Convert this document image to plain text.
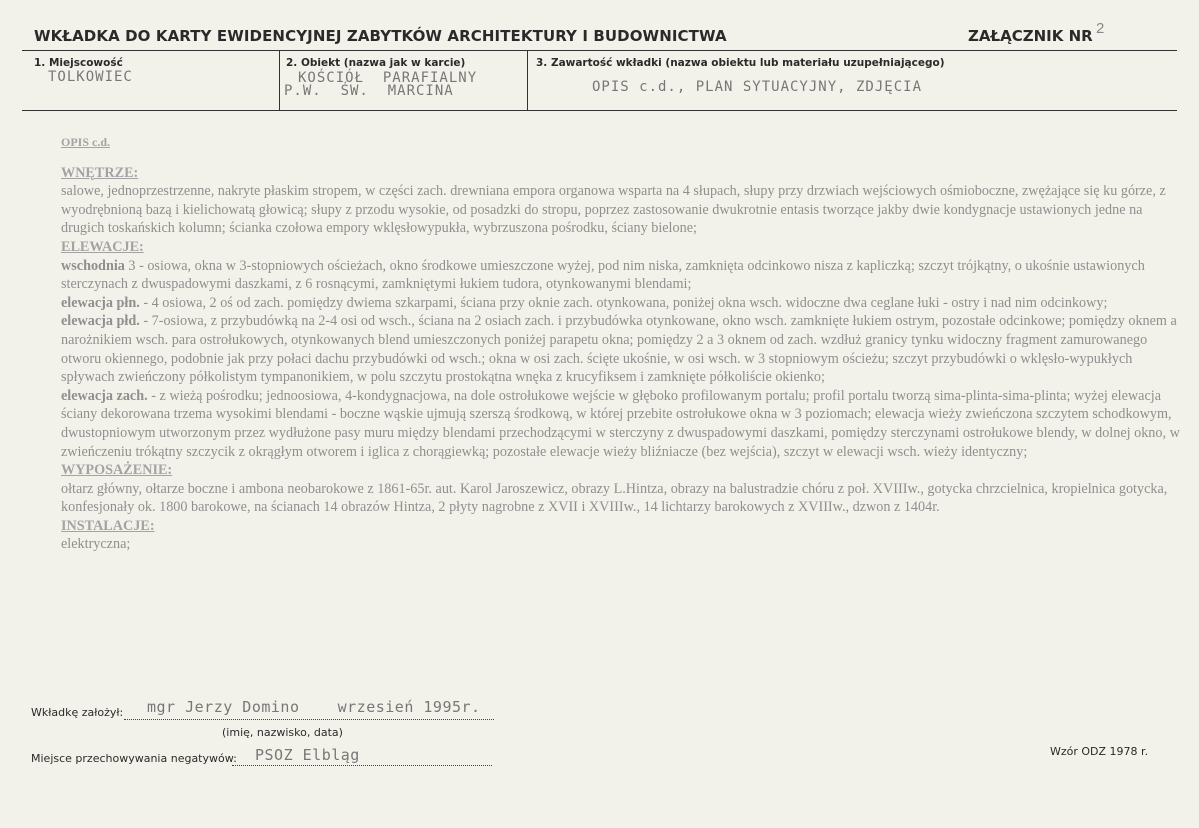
WKŁADKA DO KARTY EWIDENCYJNEJ ZABYTKÓW ARCHITEKTURY I BUDOWNICTWA	ZAŁĄCZNIK NR 2
1. Miejscowość
TOLKOWIEC
2. Obiekt (nazwa jak w karcie)
KOŚCIÓŁ  PARAFIALNY
P.W.  ŚW.  MARCINA
3. Zawartość wkładki (nazwa obiektu lub materiału uzupełniającego)
OPIS c.d., PLAN SYTUACYJNY, ZDJĘCIA

OPIS c.d.

WNĘTRZE:

salowe, jednoprzestrzenne, nakryte płaskim stropem, w części zach. drewniana empora organowa wsparta na 4 słupach, słupy przy drzwiach wejściowych ośmioboczne, zwężające się ku górze, z wyodrębnioną bazą i kielichowatą głowicą; słupy z przodu wysokie, od posadzki do stropu, poprzez zastosowanie dwukrotnie entasis tworzące jakby dwie kondygnacje ustawionych jedne na drugich toskańskich kolumn; ścianka czołowa empory wklęsłowypukła, wybrzuszona pośrodku, ściany bielone;

ELEWACJE:

wschodnia 3 - osiowa, okna w 3-stopniowych ościeżach, okno środkowe umieszczone wyżej, pod nim niska, zamknięta odcinkowo nisza z kapliczką; szczyt trójkątny, o ukośnie ustawionych sterczynach z dwuspadowymi daszkami, z 6 rosnącymi, zamkniętymi łukiem tudora, otynkowanymi blendami;

elewacja płn. - 4 osiowa, 2 oś od zach. pomiędzy dwiema szkarpami, ściana przy oknie zach. otynkowana, poniżej okna wsch. widoczne dwa ceglane łuki - ostry i nad nim odcinkowy;

elewacja płd. - 7-osiowa, z przybudówką na 2-4 osi od wsch., ściana na 2 osiach zach. i przybudówka otynkowane, okno wsch. zamknięte łukiem ostrym, pozostałe odcinkowe; pomiędzy oknem a narożnikiem wsch. para ostrołukowych, otynkowanych blend umieszczonych poniżej parapetu okna; pomiędzy 2 a 3 oknem od zach. wzdłuż granicy tynku widoczny fragment zamurowanego otworu okiennego, podobnie jak przy połaci dachu przybudówki od wsch.; okna w osi zach. ścięte ukośnie, w osi wsch. w 3 stopniowym ościeżu; szczyt przybudówki o wklęsło-wypukłych spływach zwieńczony półkolistym tympanonikiem, w polu szczytu prostokątna wnęka z krucyfiksem i zamknięte półkoliście okienko;

elewacja zach. - z wieżą pośrodku; jednoosiowa, 4-kondygnacjowa, na dole ostrołukowe wejście w głęboko profilowanym portalu; profil portalu tworzą sima-plinta-sima-plinta; wyżej elewacja ściany dekorowana trzema wysokimi blendami - boczne wąskie ujmują szerszą środkową, w której przebite ostrołukowe okna w 3 poziomach; elewacja wieży zwieńczona szczytem schodkowym, dwustopniowym utworzonym przez wydłużone pasy muru między blendami przechodzącymi w sterczyny z dwuspadowymi daszkami, pomiędzy sterczynami ostrołukowe blendy, w dolnej okno, w zwieńczeniu trókątny szczycik z okrągłym otworem i iglica z chorągiewką; pozostałe elewacje wieży bliźniacze (bez wejścia), szczyt w elewacji wsch. wieży identyczny;

WYPOSAŻENIE:

ołtarz główny, ołtarze boczne i ambona neobarokowe z 1861-65r. aut. Karol Jaroszewicz, obrazy L.Hintza, obrazy na balustradzie chóru z poł. XVIIIw., gotycka chrzcielnica, kropielnica gotycka, konfesjonały ok. 1800 barokowe, na ścianach 14 obrazów Hintza, 2 płyty nagrobne z XVII i XVIIIw., 14 lichtarzy barokowych z XVIIIw., dzwon z 1404r.

INSTALACJE:

elektryczna;

Wkładkę założył: mgr Jerzy Domino    wrzesień 1995r.
(imię, nazwisko, data)
Miejsce przechowywania negatywów: PSOZ Elbląg	Wzór ODZ 1978 r.
